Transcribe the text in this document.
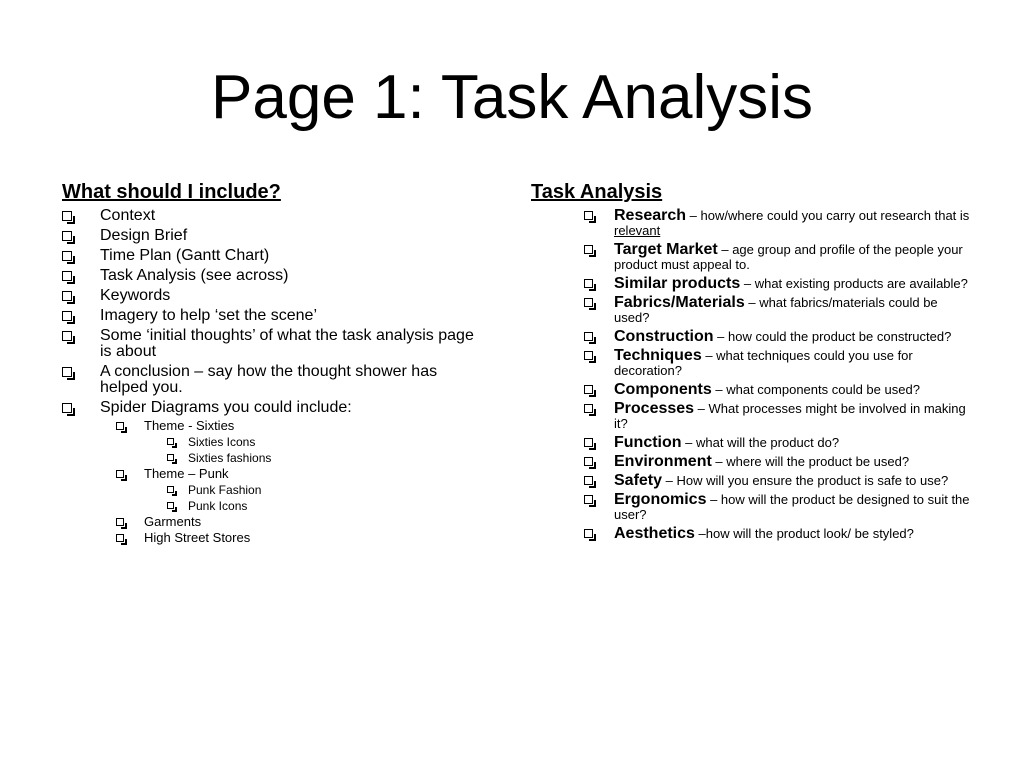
Page 1: Task Analysis
What should I include?
Context
Design Brief
Time Plan (Gantt Chart)
Task Analysis (see across)
Keywords
Imagery to help ‘set the scene’
Some ‘initial thoughts’ of what the task analysis page is about
A conclusion – say how the thought shower has helped you.
Spider Diagrams you could include:
Theme - Sixties
Sixties Icons
Sixties fashions
Theme – Punk
Punk Fashion
Punk Icons
Garments
High Street Stores
Task Analysis
Research – how/where could you carry out research that is relevant
Target Market – age group and profile of the people your product must appeal to.
Similar products – what existing products are available?
Fabrics/Materials – what fabrics/materials could be used?
Construction – how could the product be constructed?
Techniques – what techniques could you use for decoration?
Components – what components could be used?
Processes – What processes might be involved in making it?
Function – what will the product do?
Environment – where will the product be used?
Safety – How will you ensure the product is safe to use?
Ergonomics – how will the product be designed to suit the user?
Aesthetics –how will the product look/ be styled?
